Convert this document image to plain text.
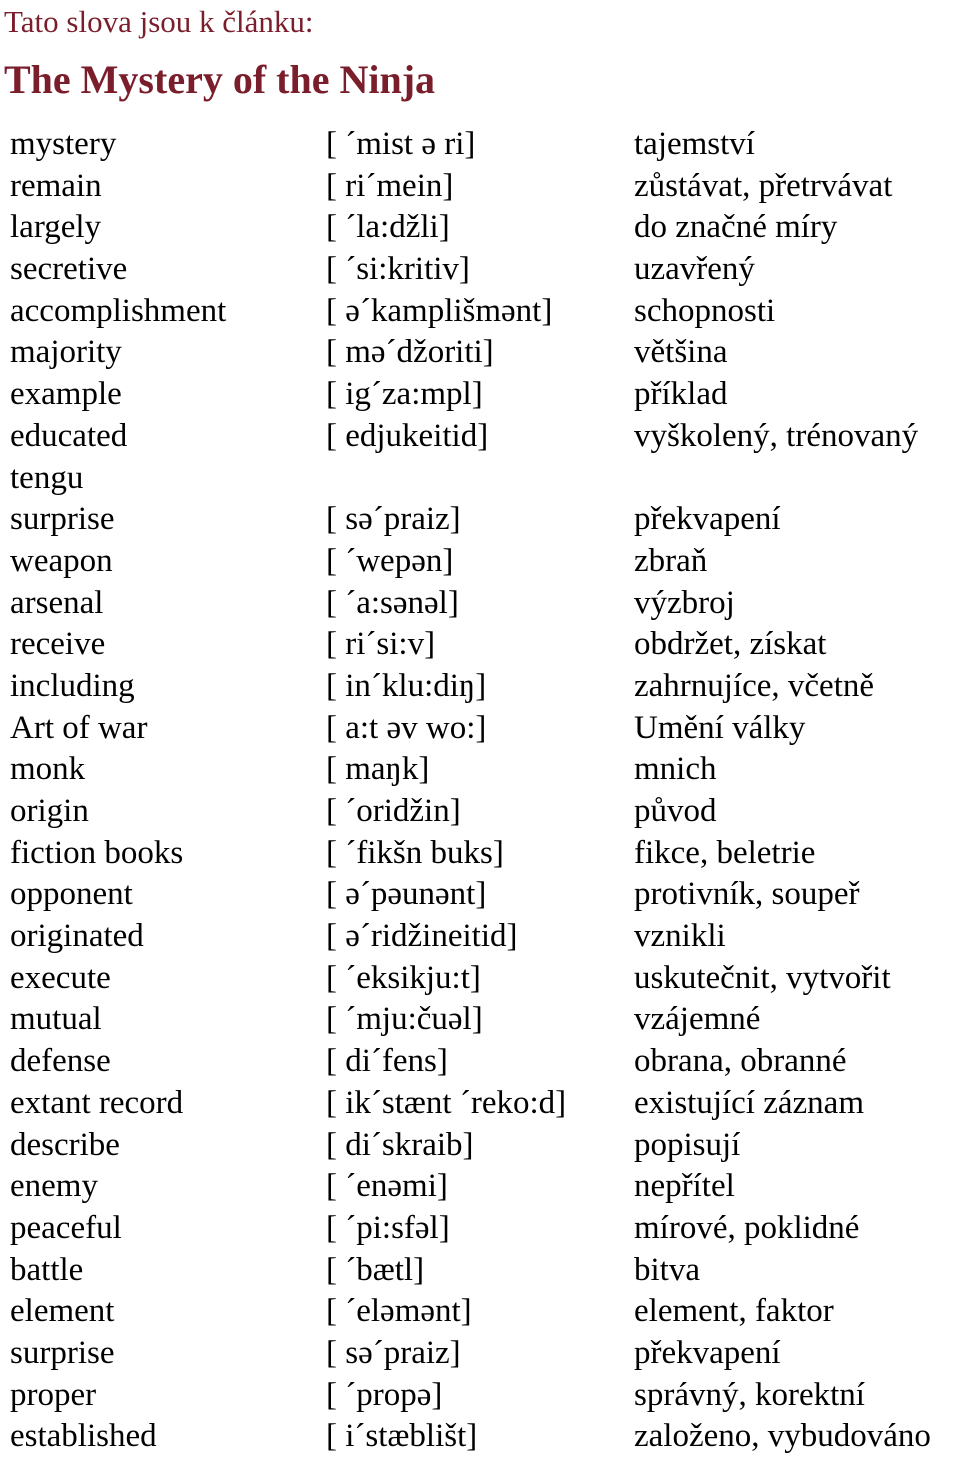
Tato slova jsou k článku:
The Mystery of the Ninja
mystery	[ ˊmist ə ri]	tajemství
remain	[ riˊmein]	zůstávat, přetrvávat
largely	[ ˊla:džli]	do značné míry
secretive	[ ˊsi:kritiv]	uzavřený
accomplishment	[ əˊkamplišmənt] schopnosti
majority	[ məˊdžoriti]	většina
example	[ igˊza:mpl]	příklad
educated	[ edjukeitid]	vyškolený, trénovaný
tengu
surprise	[ səˊpraiz]	překvapení
weapon	[ ˊwepən]	zbraň
arsenal	[ ˊa:sənəl]	výzbroj
receive	[ riˊsi:v]	obdržet, získat
including	[ inˊklu:diŋ]	zahrnujíce, včetně
Art of war	[ a:t əv wo:]	Umění války
monk	[ maŋk]	mnich
origin	[ ˊoridžin]	původ
fiction books	[ ˊfikšn buks]	fikce, beletrie
opponent	[ əˊpəunənt]	protivník, soupeř
originated	[ əˊridžineitid]	vznikli
execute	[ ˊeksikju:t]	uskutečnit, vytvořit
mutual	[ ˊmju:čuəl]	vzájemné
defense	[ diˊfens]	obrana, obranné
extant record	[ ikˊstænt ˊreko:d] existující záznam
describe	[ diˊskraib]	popisují
enemy	[ ˊenəmi]	nepřítel
peaceful	[ ˊpi:sfəl]	mírové, poklidné
battle	[ ˊbætl]	bitva
element	[ ˊeləmənt]	element, faktor
surprise	[ səˊpraiz]	překvapení
proper	[ ˊpropə]	správný, korektní
established	[ iˊstæblišt]	založeno, vybudováno
